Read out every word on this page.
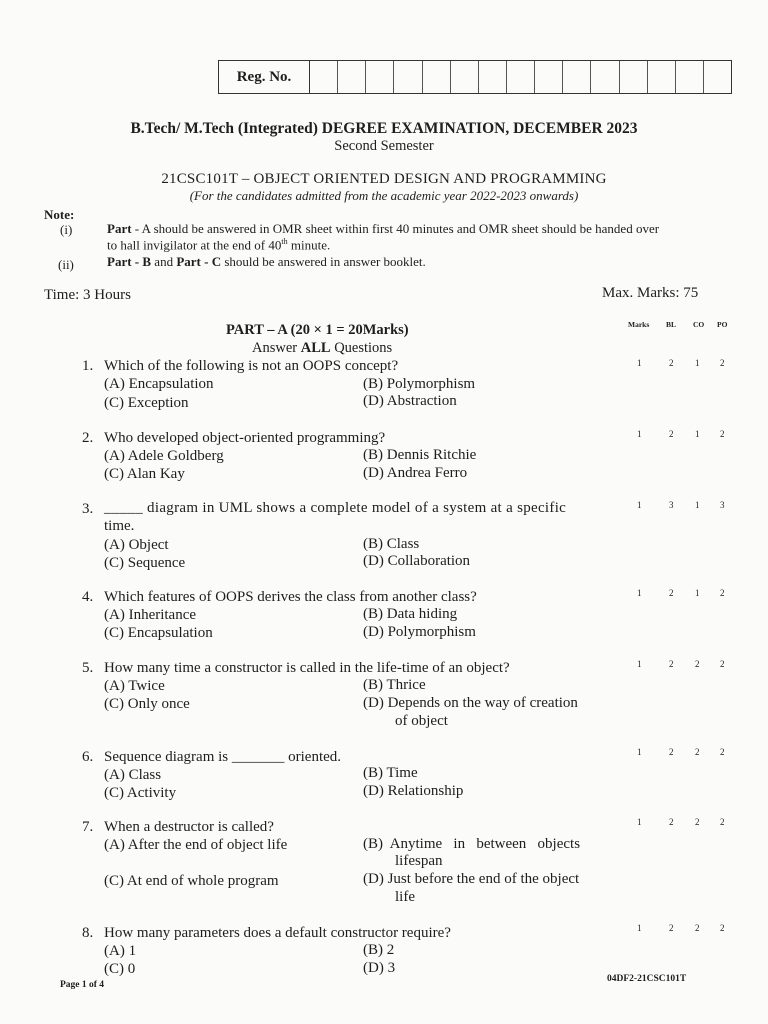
Reg. No.
B.Tech/ M.Tech (Integrated) DEGREE EXAMINATION, DECEMBER 2023
Second Semester
21CSC101T – OBJECT ORIENTED DESIGN AND PROGRAMMING
(For the candidates admitted from the academic year 2022-2023 onwards)
Note:
(i)	Part - A should be answered in OMR sheet within first 40 minutes and OMR sheet should be handed over
to hall invigilator at the end of 40th minute.
(ii)	Part - B and Part - C should be answered in answer booklet.
Time: 3 Hours	Max. Marks: 75
PART – A (20 × 1 = 20Marks)
Answer ALL Questions
Marks BL CO PO
1. Which of the following is not an OOPS concept?
(A) Encapsulation	(B) Polymorphism
(C) Exception	(D) Abstraction
1	2 1 2
2. Who developed object-oriented programming?
(A) Adele Goldberg	(B) Dennis Ritchie
(C) Alan Kay	(D) Andrea Ferro
1	2 1 2
3. _____ diagram in UML shows a complete model of a system at a specific
time.
(A) Object	(B) Class
(C) Sequence	(D) Collaboration
1	3 1 3
4. Which features of OOPS derives the class from another class?
(A) Inheritance	(B) Data hiding
(C) Encapsulation	(D) Polymorphism
1	2 1 2
5. How many time a constructor is called in the life-time of an object?
(A) Twice	(B) Thrice
(C) Only once	(D) Depends on the way of creation
of object
1	2 2 2
6. Sequence diagram is _______ oriented.
(A) Class	(B) Time
(C) Activity	(D) Relationship
1	2 2 2
7. When a destructor is called?
(A) After the end of object life	(B)  Anytime   in   between   objects
lifespan
(C) At end of whole program	(D) Just before the end of the object
life
1	2 2 2
8. How many parameters does a default constructor require?
(A) 1	(B) 2
(C) 0	(D) 3
1	2 2 2
Page 1 of 4
04DF2-21CSC101T
